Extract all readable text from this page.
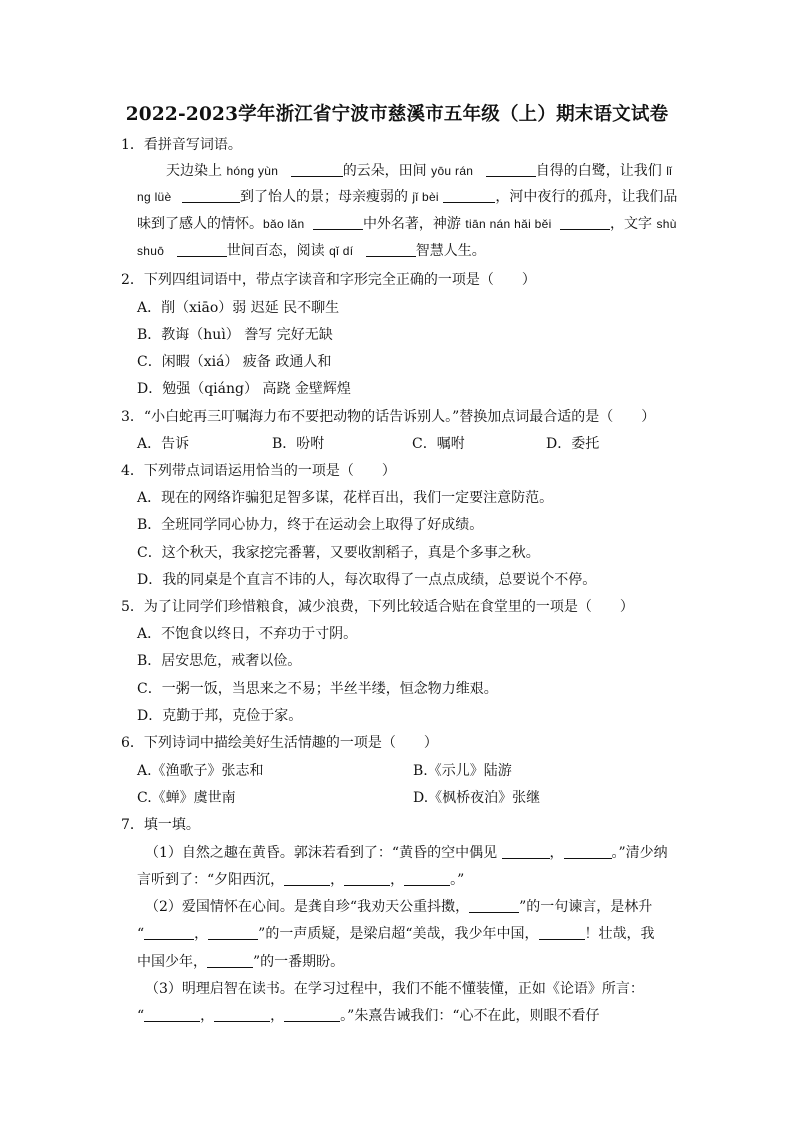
2022-2023学年浙江省宁波市慈溪市五年级（上）期末语文试卷
1．看拼音写词语。
天边染上 hóng yùn	的云朵，田间 yōu rán	自得的白鹭，让我们 lǐ
ng lüè	到了怡人的景；母亲瘦弱的 jǐ bèi	，河中夜行的孤舟，让我们品
味到了感人的情怀。bǎo lǎn	中外名著，神游 tiān nán hǎi běi	，文字 shù
shuō	世间百态，阅读 qǐ dí	智慧人生。
2．下列四组词语中，带点字读音和字形完全正确的一项是（　　）
A．削（xiāo）弱 迟延 民不聊生
B．教诲（huì） 誊写 完好无缺
C．闲暇（xiá） 疲备 政通人和
D．勉强（qiáng） 高跷 金壁辉煌
3．“小白蛇再三叮嘱海力布不要把动物的话告诉别人。”替换加点词最合适的是（　　）
A．告诉	B．吩咐	C．嘱咐	D．委托
4．下列带点词语运用恰当的一项是（　　）
A．现在的网络诈骗犯足智多谋，花样百出，我们一定要注意防范。
B．全班同学同心协力，终于在运动会上取得了好成绩。
C．这个秋天，我家挖完番薯，又要收割稻子，真是个多事之秋。
D．我的同桌是个直言不讳的人，每次取得了一点点成绩，总要说个不停。
5．为了让同学们珍惜粮食，减少浪费，下列比较适合贴在食堂里的一项是（　　）
A．不饱食以终日，不弃功于寸阴。
B．居安思危，戒奢以俭。
C．一粥一饭，当思来之不易；半丝半缕，恒念物力维艰。
D．克勤于邦，克俭于家。
6．下列诗词中描绘美好生活情趣的一项是（　　）
A.《渔歌子》张志和	B.《示儿》陆游
C.《蝉》虞世南	D.《枫桥夜泊》张继
7．填一填。
（1）自然之趣在黄昏。郭沫若看到了：“黄昏的空中偶见	，	。”清少纳
言听到了：“夕阳西沉，	，	，	。”
（2）爱国情怀在心间。是龚自珍“我劝天公重抖擞，	”的一句谏言，是林升
“	，	”的一声质疑，是梁启超“美哉，我少年中国，	！壮哉，我
中国少年，	”的一番期盼。
（3）明理启智在读书。在学习过程中，我们不能不懂装懂，正如《论语》所言：
“	，	，	。”朱熹告诫我们：“心不在此，则眼不看仔
